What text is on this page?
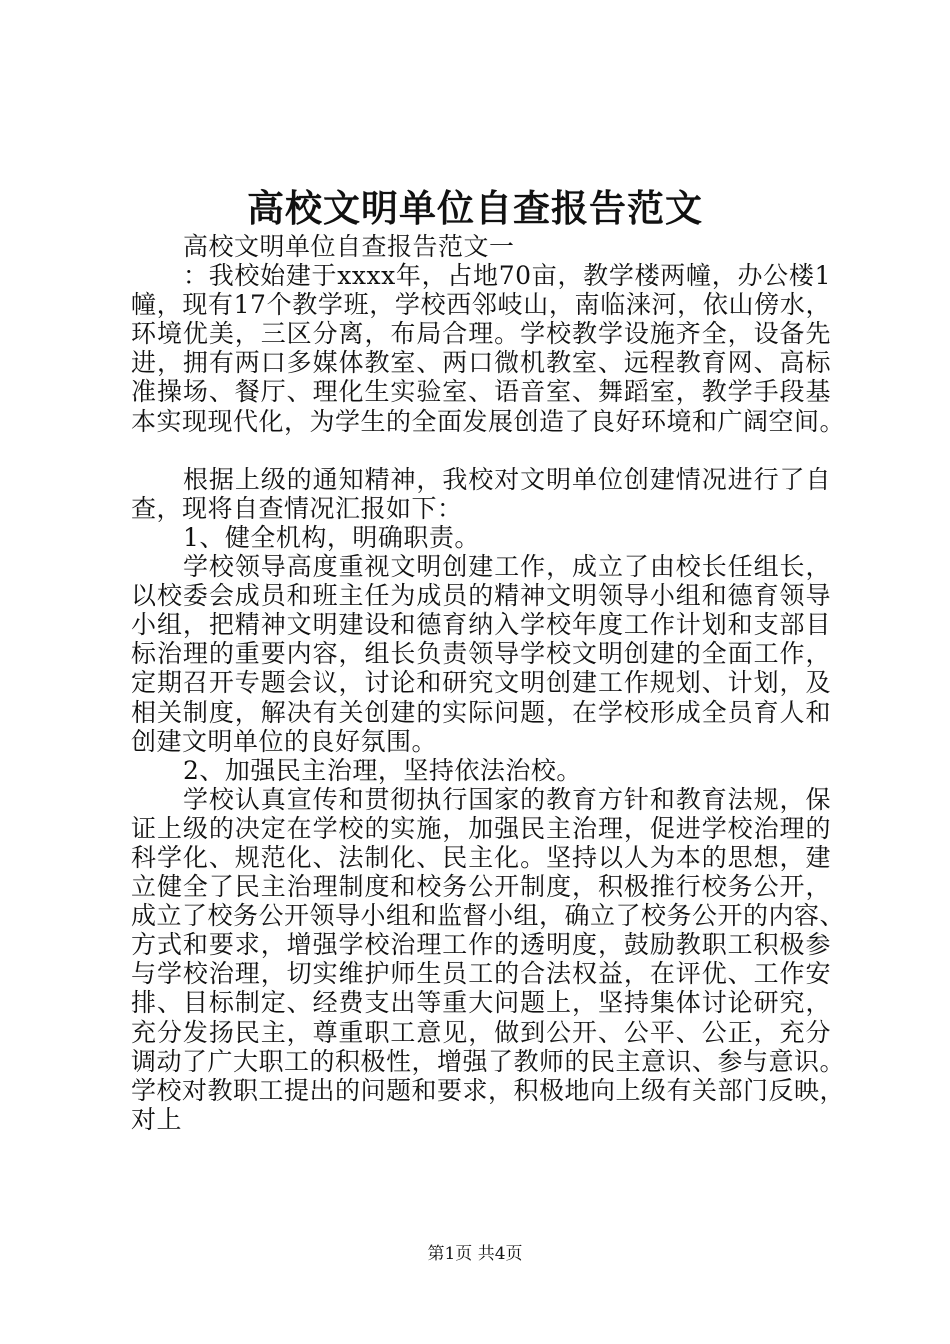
高校文明单位自查报告范文
高校文明单位自查报告范文一
：我校始建于xxxx年，占地70亩，教学楼两幢，办公楼1
幢，现有17个教学班，学校西邻岐山，南临涞河，依山傍水，
环境优美，三区分离，布局合理。学校教学设施齐全，设备先
进，拥有两口多媒体教室、两口微机教室、远程教育网、高标
准操场、餐厅、理化生实验室、语音室、舞蹈室，教学手段基
本实现现代化，为学生的全面发展创造了良好环境和广阔空间。
根据上级的通知精神，我校对文明单位创建情况进行了自
查，现将自查情况汇报如下：
1、健全机构，明确职责。
学校领导高度重视文明创建工作，成立了由校长任组长，
以校委会成员和班主任为成员的精神文明领导小组和德育领导
小组，把精神文明建设和德育纳入学校年度工作计划和支部目
标治理的重要内容，组长负责领导学校文明创建的全面工作，
定期召开专题会议，讨论和研究文明创建工作规划、计划，及
相关制度，解决有关创建的实际问题，在学校形成全员育人和
创建文明单位的良好氛围。
2、加强民主治理，坚持依法治校。
学校认真宣传和贯彻执行国家的教育方针和教育法规，保
证上级的决定在学校的实施，加强民主治理，促进学校治理的
科学化、规范化、法制化、民主化。坚持以人为本的思想，建
立健全了民主治理制度和校务公开制度，积极推行校务公开，
成立了校务公开领导小组和监督小组，确立了校务公开的内容、
方式和要求，增强学校治理工作的透明度，鼓励教职工积极参
与学校治理，切实维护师生员工的合法权益，在评优、工作安
排、目标制定、经费支出等重大问题上，坚持集体讨论研究，
充分发扬民主，尊重职工意见，做到公开、公平、公正，充分
调动了广大职工的积极性，增强了教师的民主意识、参与意识。
学校对教职工提出的问题和要求，积极地向上级有关部门反映，
对上
第1页 共4页
